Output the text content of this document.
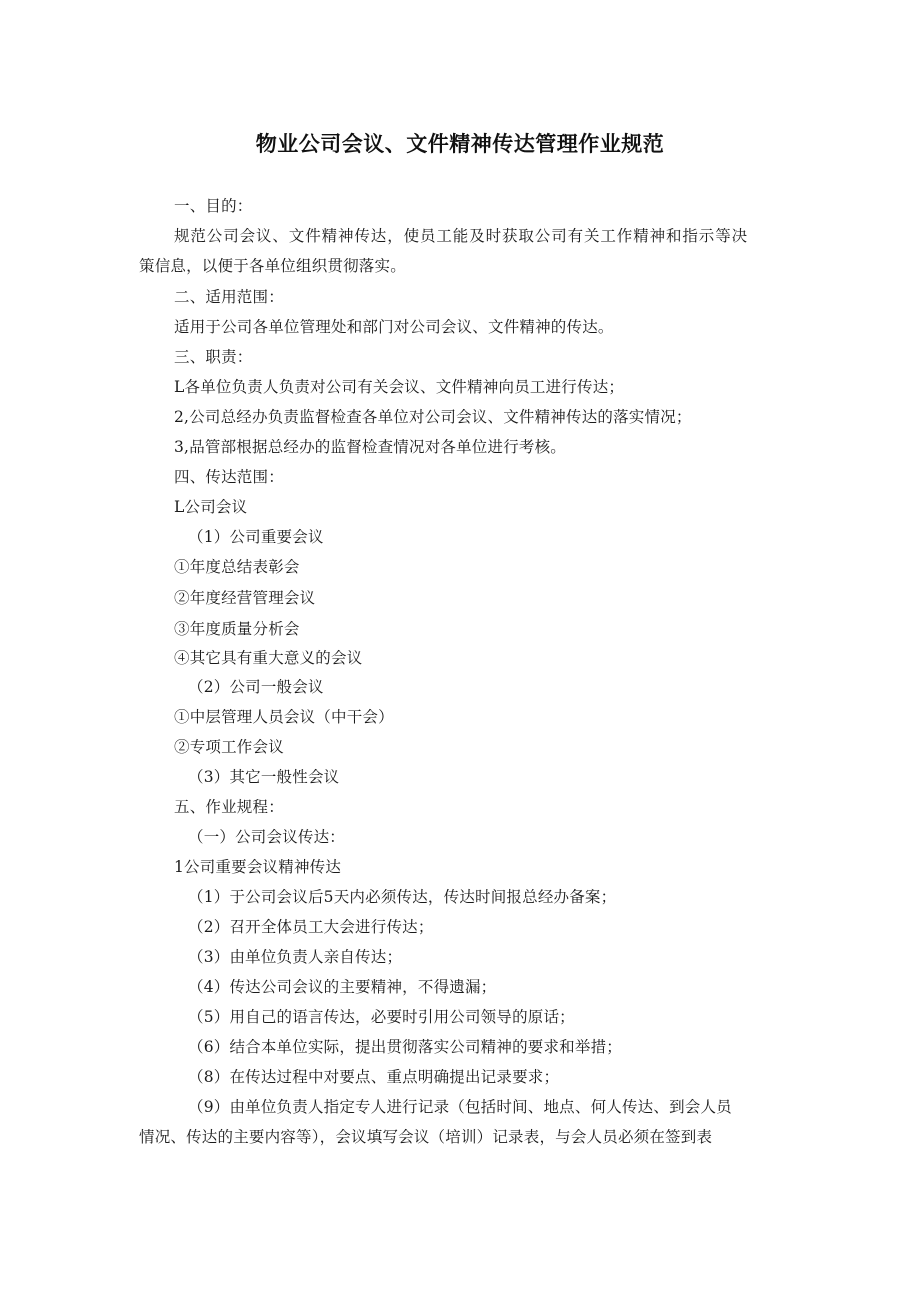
物业公司会议、文件精神传达管理作业规范
一、目的：
规范公司会议、文件精神传达，使员工能及时获取公司有关工作精神和指示等决
策信息，以便于各单位组织贯彻落实。
二、适用范围：
适用于公司各单位管理处和部门对公司会议、文件精神的传达。
三、职责：
L各单位负责人负责对公司有关会议、文件精神向员工进行传达；
2,公司总经办负责监督检查各单位对公司会议、文件精神传达的落实情况；
3,品管部根据总经办的监督检查情况对各单位进行考核。
四、传达范围：
L公司会议
（1）公司重要会议
①年度总结表彰会
②年度经营管理会议
③年度质量分析会
④其它具有重大意义的会议
（2）公司一般会议
①中层管理人员会议（中干会）
②专项工作会议
（3）其它一般性会议
五、作业规程：
（一）公司会议传达：
1公司重要会议精神传达
（1）于公司会议后5天内必须传达，传达时间报总经办备案；
（2）召开全体员工大会进行传达；
（3）由单位负责人亲自传达；
（4）传达公司会议的主要精神，不得遗漏；
（5）用自己的语言传达，必要时引用公司领导的原话；
（6）结合本单位实际，提出贯彻落实公司精神的要求和举措；
（8）在传达过程中对要点、重点明确提出记录要求；
（9）由单位负责人指定专人进行记录（包括时间、地点、何人传达、到会人员
情况、传达的主要内容等），会议填写会议（培训）记录表，与会人员必须在签到表
